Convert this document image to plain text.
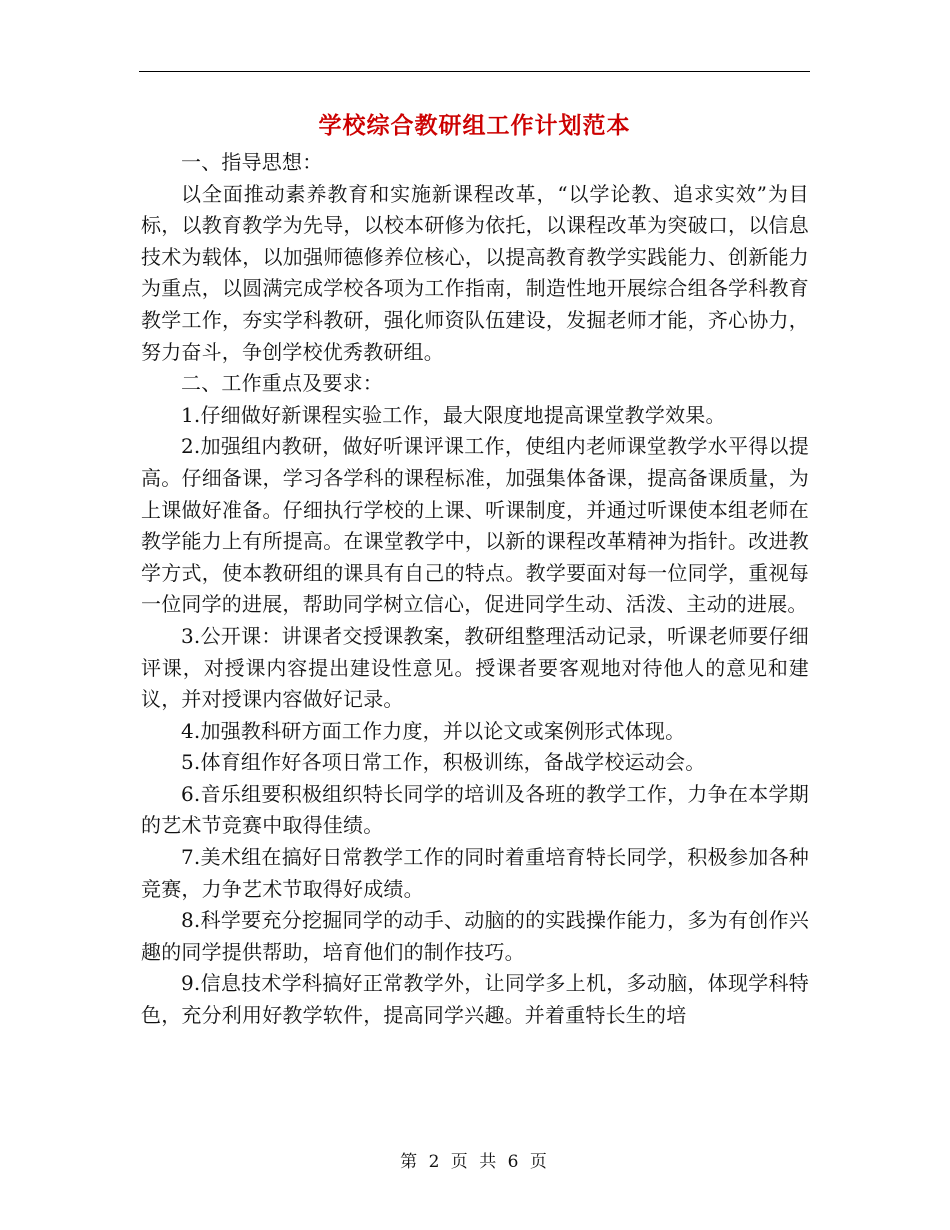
学校综合教研组工作计划范本

一、指导思想：

以全面推动素养教育和实施新课程改革，“以学论教、追求实效”为目标，以教育教学为先导，以校本研修为依托，以课程改革为突破口，以信息技术为载体，以加强师德修养位核心，以提高教育教学实践能力、创新能力为重点，以圆满完成学校各项为工作指南，制造性地开展综合组各学科教育教学工作，夯实学科教研，强化师资队伍建设，发掘老师才能，齐心协力，努力奋斗，争创学校优秀教研组。

二、工作重点及要求：

1.仔细做好新课程实验工作，最大限度地提高课堂教学效果。

2.加强组内教研，做好听课评课工作，使组内老师课堂教学水平得以提高。仔细备课，学习各学科的课程标准，加强集体备课，提高备课质量，为上课做好准备。仔细执行学校的上课、听课制度，并通过听课使本组老师在教学能力上有所提高。在课堂教学中，以新的课程改革精神为指针。改进教学方式，使本教研组的课具有自己的特点。教学要面对每一位同学，重视每一位同学的进展，帮助同学树立信心，促进同学生动、活泼、主动的进展。

3.公开课：讲课者交授课教案，教研组整理活动记录，听课老师要仔细评课，对授课内容提出建设性意见。授课者要客观地对待他人的意见和建议，并对授课内容做好记录。

4.加强教科研方面工作力度，并以论文或案例形式体现。

5.体育组作好各项日常工作，积极训练，备战学校运动会。

6.音乐组要积极组织特长同学的培训及各班的教学工作，力争在本学期的艺术节竞赛中取得佳绩。

7.美术组在搞好日常教学工作的同时着重培育特长同学，积极参加各种竞赛，力争艺术节取得好成绩。

8.科学要充分挖掘同学的动手、动脑的的实践操作能力，多为有创作兴趣的同学提供帮助，培育他们的制作技巧。

9.信息技术学科搞好正常教学外，让同学多上机，多动脑，体现学科特色，充分利用好教学软件，提高同学兴趣。并着重特长生的培

第 2 页 共 6 页
